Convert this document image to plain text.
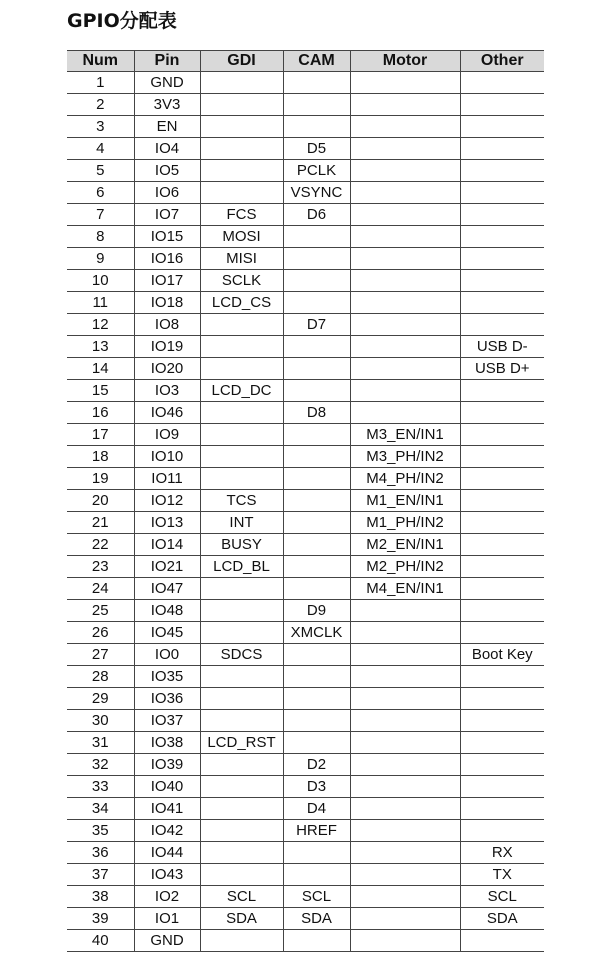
GPIO分配表
Num	Pin	GDI	CAM	Motor	Other
1	GND				
2	3V3				
3	EN				
4	IO4		D5		
5	IO5		PCLK		
6	IO6		VSYNC		
7	IO7	FCS	D6		
8	IO15	MOSI			
9	IO16	MISI			
10	IO17	SCLK			
11	IO18	LCD_CS			
12	IO8		D7		
13	IO19				USB D-
14	IO20				USB D+
15	IO3	LCD_DC			
16	IO46		D8		
17	IO9			M3_EN/IN1	
18	IO10			M3_PH/IN2	
19	IO11			M4_PH/IN2	
20	IO12	TCS		M1_EN/IN1	
21	IO13	INT		M1_PH/IN2	
22	IO14	BUSY		M2_EN/IN1	
23	IO21	LCD_BL		M2_PH/IN2	
24	IO47			M4_EN/IN1	
25	IO48		D9		
26	IO45		XMCLK		
27	IO0	SDCS			Boot Key
28	IO35				
29	IO36				
30	IO37				
31	IO38	LCD_RST			
32	IO39		D2		
33	IO40		D3		
34	IO41		D4		
35	IO42		HREF		
36	IO44				RX
37	IO43				TX
38	IO2	SCL	SCL		SCL
39	IO1	SDA	SDA		SDA
40	GND				
